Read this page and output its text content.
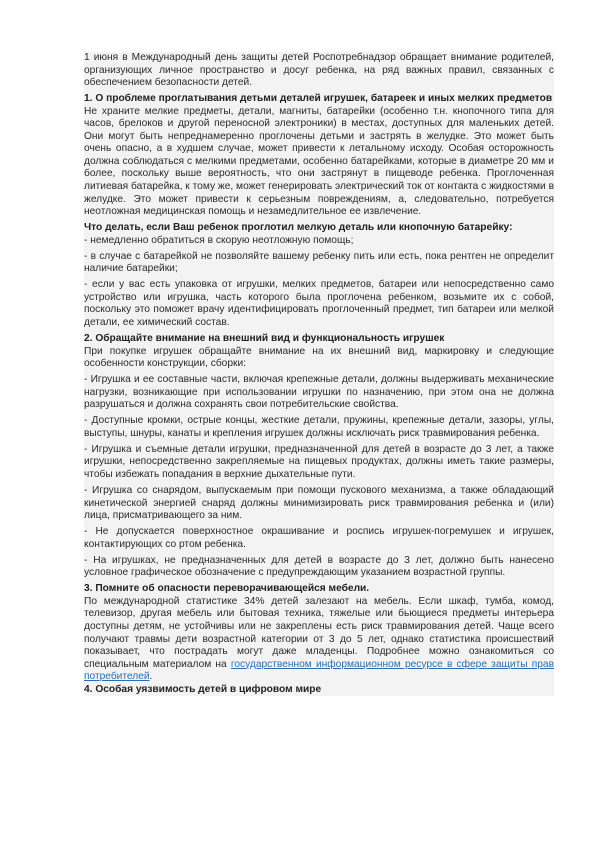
1 июня в Международный день защиты детей Роспотребнадзор обращает внимание родителей, организующих личное пространство и досуг ребенка, на ряд важных правил, связанных с обеспечением безопасности детей.

1. О проблеме проглатывания детьми деталей игрушек, батареек и иных мелких предметов

Не храните мелкие предметы, детали, магниты, батарейки (особенно т.н. кнопочного типа для часов, брелоков и другой переносной электроники) в местах, доступных для маленьких детей. Они могут быть непреднамеренно проглочены детьми и застрять в желудке. Это может быть очень опасно, а в худшем случае, может привести к летальному исходу. Особая осторожность должна соблюдаться с мелкими предметами, особенно батарейками, которые в диаметре 20 мм и более, поскольку выше вероятность, что они застрянут в пищеводе ребенка. Проглоченная литиевая батарейка, к тому же, может генерировать электрический ток от контакта с жидкостями в желудке. Это может привести к серьезным повреждениям, а, следовательно, потребуется неотложная медицинская помощь и незамедлительное ее извлечение.

Что делать, если Ваш ребенок проглотил мелкую деталь или кнопочную батарейку:

- немедленно обратиться в скорую неотложную помощь;

- в случае с батарейкой не позволяйте вашему ребенку пить или есть, пока рентген не определит наличие батарейки;

- если у вас есть упаковка от игрушки, мелких предметов, батареи или непосредственно само устройство или игрушка, часть которого была проглочена ребенком, возьмите их с собой, поскольку это поможет врачу идентифицировать проглоченный предмет, тип батареи или мелкой детали, ее химический состав.

2. Обращайте внимание на внешний вид и функциональность игрушек

При покупке игрушек обращайте внимание на их внешний вид, маркировку и следующие особенности конструкции, сборки:

- Игрушка и ее составные части, включая крепежные детали, должны выдерживать механические нагрузки, возникающие при использовании игрушки по назначению, при этом она не должна разрушаться и должна сохранять свои потребительские свойства.

- Доступные кромки, острые концы, жесткие детали, пружины, крепежные детали, зазоры, углы, выступы, шнуры, канаты и крепления игрушек должны исключать риск травмирования ребенка.

- Игрушка и съемные детали игрушки, предназначенной для детей в возрасте до 3 лет, а также игрушки, непосредственно закрепляемые на пищевых продуктах, должны иметь такие размеры, чтобы избежать попадания в верхние дыхательные пути.

- Игрушка со снарядом, выпускаемым при помощи пускового механизма, а также обладающий кинетической энергией снаряд должны минимизировать риск травмирования ребенка и (или) лица, присматривающего за ним.

- Не допускается поверхностное окрашивание и роспись игрушек-погремушек и игрушек, контактирующих со ртом ребенка.

- На игрушках, не предназначенных для детей в возрасте до 3 лет, должно быть нанесено условное графическое обозначение с предупреждающим указанием возрастной группы.

3. Помните об опасности переворачивающейся мебели.

По международной статистике 34% детей залезают на мебель. Если шкаф, тумба, комод, телевизор, другая мебель или бытовая техника, тяжелые или бьющиеся предметы интерьера доступны детям, не устойчивы или не закреплены есть риск травмирования детей. Чаще всего получают травмы дети возрастной категории от 3 до 5 лет, однако статистика происшествий показывает, что пострадать могут даже младенцы. Подробнее можно ознакомиться со специальным материалом на государственном информационном ресурсе в сфере защиты прав потребителей.

4. Особая уязвимость детей в цифровом мире
